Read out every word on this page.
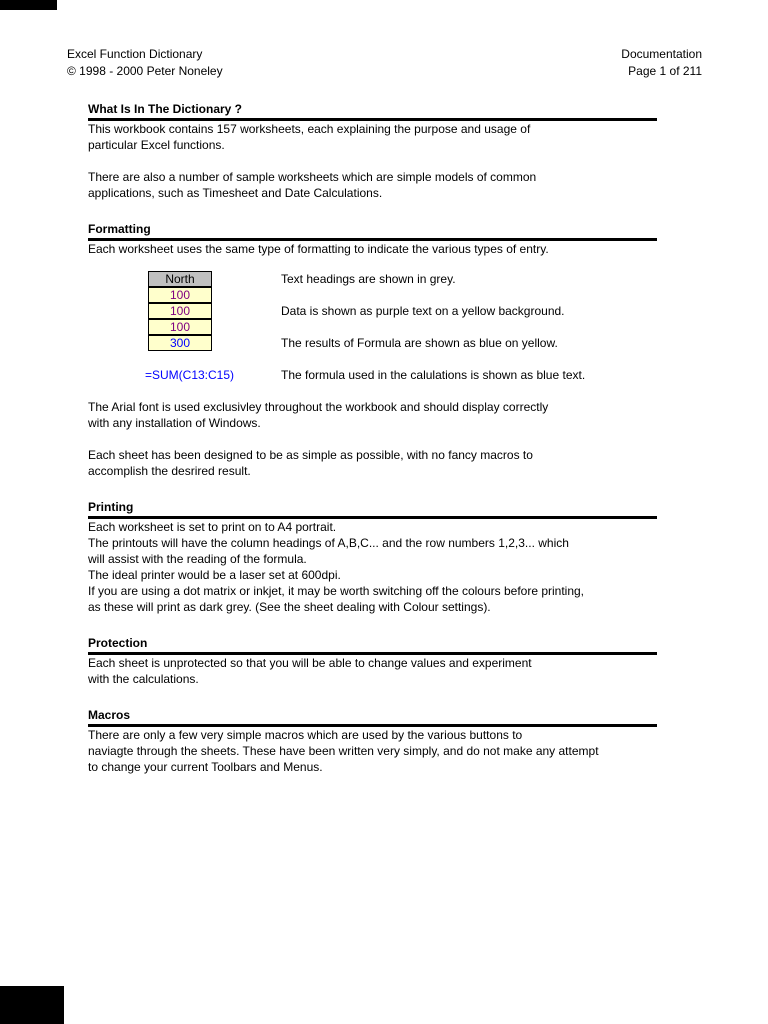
Excel Function Dictionary
© 1998 - 2000 Peter Noneley
Documentation
Page 1 of 211
What Is In The Dictionary ?
This workbook contains 157 worksheets, each explaining the purpose and usage of
particular Excel functions.
There are also a number of sample worksheets which are simple models of common
applications, such as Timesheet and Date Calculations.
Formatting
Each worksheet uses the same type of formatting to indicate the various types of entry.
North
100
100
100
300
Text headings are shown in grey.
Data is shown as purple text on a yellow background.
The results of Formula are shown as blue on yellow.
=SUM(C13:C15)	The formula used in the calulations is shown as blue text.
The Arial font is used exclusivley throughout the workbook and should display correctly
with any installation of Windows.
Each sheet has been designed to be as simple as possible, with no fancy macros to
accomplish the desrired result.
Printing
Each worksheet is set to print on to A4 portrait.
The printouts will have the column headings of A,B,C... and the row numbers 1,2,3... which
will assist with the reading of the formula.
The ideal printer would be a laser set at 600dpi.
If you are using a dot matrix or inkjet, it may be worth switching off the colours before printing,
as these will print as dark grey. (See the sheet dealing with Colour settings).
Protection
Each sheet is unprotected so that you will be able to change values and experiment
with the calculations.
Macros
There are only a few very simple macros which are used by the various buttons to
naviagte through the sheets. These have been written very simply, and do not make any attempt
to change your current Toolbars and Menus.
